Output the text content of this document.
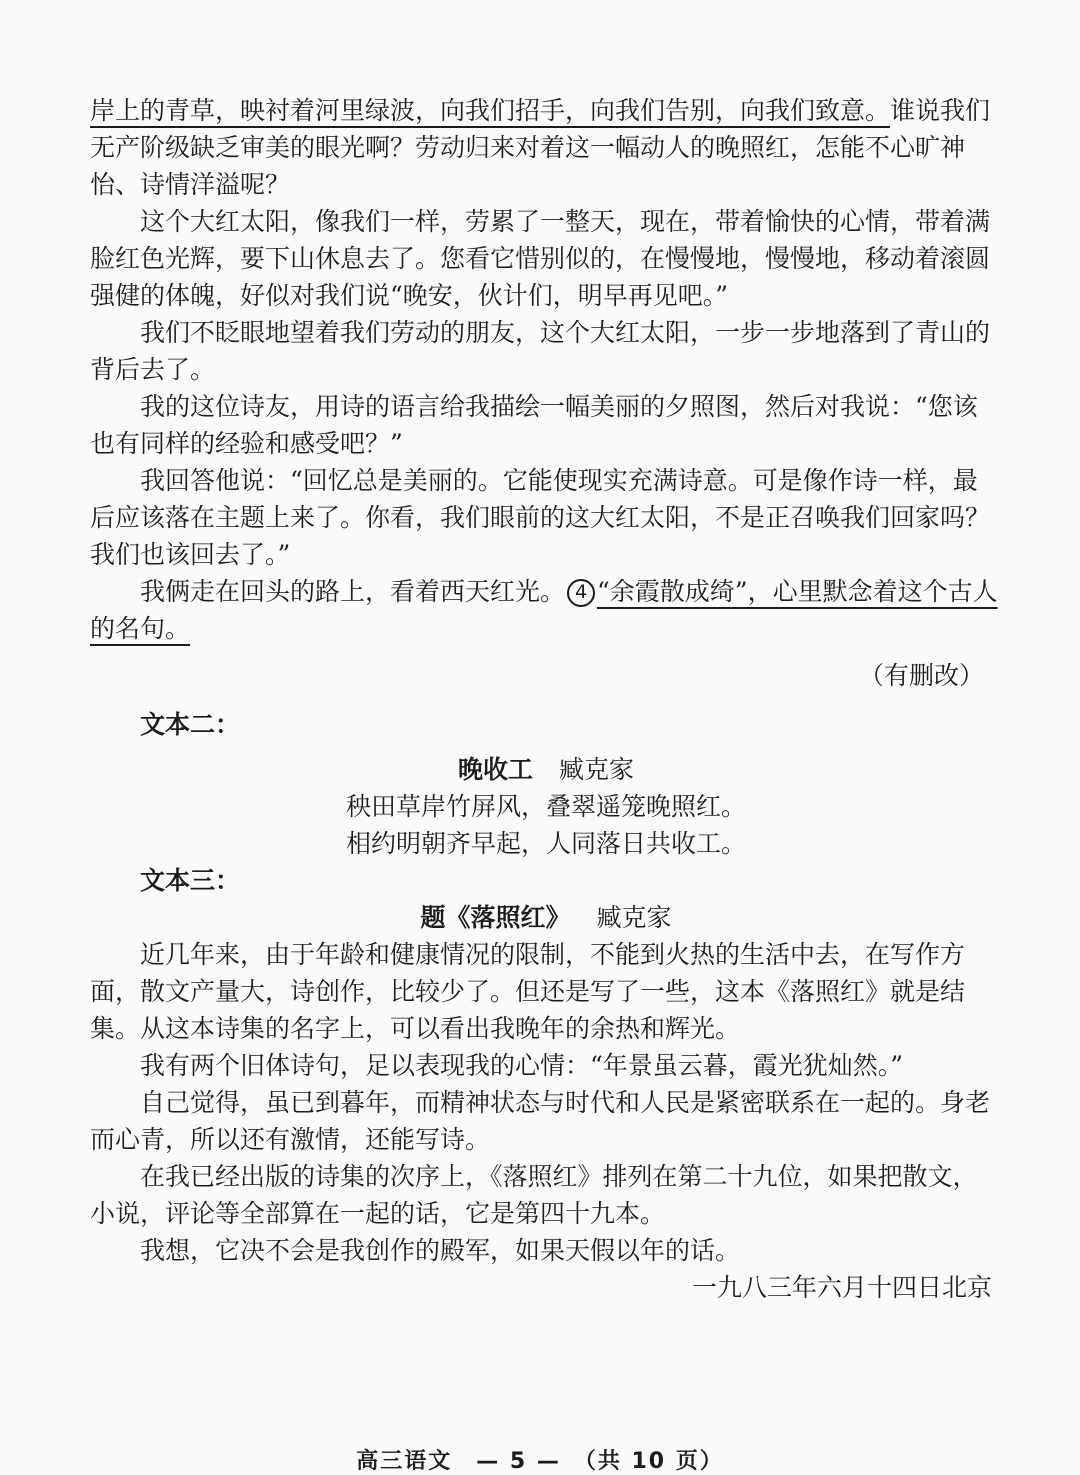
岸上的青草，映衬着河里绿波，向我们招手，向我们告别，向我们致意。谁说我们无产阶级缺乏审美的眼光啊？劳动归来对着这一幅动人的晚照红，怎能不心旷神怡、诗情洋溢呢？

这个大红太阳，像我们一样，劳累了一整天，现在，带着愉快的心情，带着满脸红色光辉，要下山休息去了。您看它惜别似的，在慢慢地，慢慢地，移动着滚圆强健的体魄，好似对我们说“晚安，伙计们，明早再见吧。”

我们不眨眼地望着我们劳动的朋友，这个大红太阳，一步一步地落到了青山的背后去了。

我的这位诗友，用诗的语言给我描绘一幅美丽的夕照图，然后对我说：“您该也有同样的经验和感受吧？”

我回答他说：“回忆总是美丽的。它能使现实充满诗意。可是像作诗一样，最后应该落在主题上来了。你看，我们眼前的这大红太阳，不是正召唤我们回家吗？我们也该回去了。”

我俩走在回头的路上，看着西天红光。 4 “余霞散成绮”，心里默念着这个古人的名句。

（有删改）

文本二：

晚收工 臧克家

秧田草岸竹屏风，叠翠遥笼晚照红。

相约明朝齐早起，人同落日共收工。

文本三：

题《落照红》 臧克家

近几年来，由于年龄和健康情况的限制，不能到火热的生活中去，在写作方面，散文产量大，诗创作，比较少了。但还是写了一些，这本《落照红》就是结集。从这本诗集的名字上，可以看出我晚年的余热和辉光。

我有两个旧体诗句，足以表现我的心情：“年景虽云暮，霞光犹灿然。”

自己觉得，虽已到暮年，而精神状态与时代和人民是紧密联系在一起的。身老而心青，所以还有激情，还能写诗。

在我已经出版的诗集的次序上，《落照红》排列在第二十九位，如果把散文，小说，评论等全部算在一起的话，它是第四十九本。

我想，它决不会是我创作的殿军，如果天假以年的话。

一九八三年六月十四日北京

高三语文　— 5 —　（共 10 页）
